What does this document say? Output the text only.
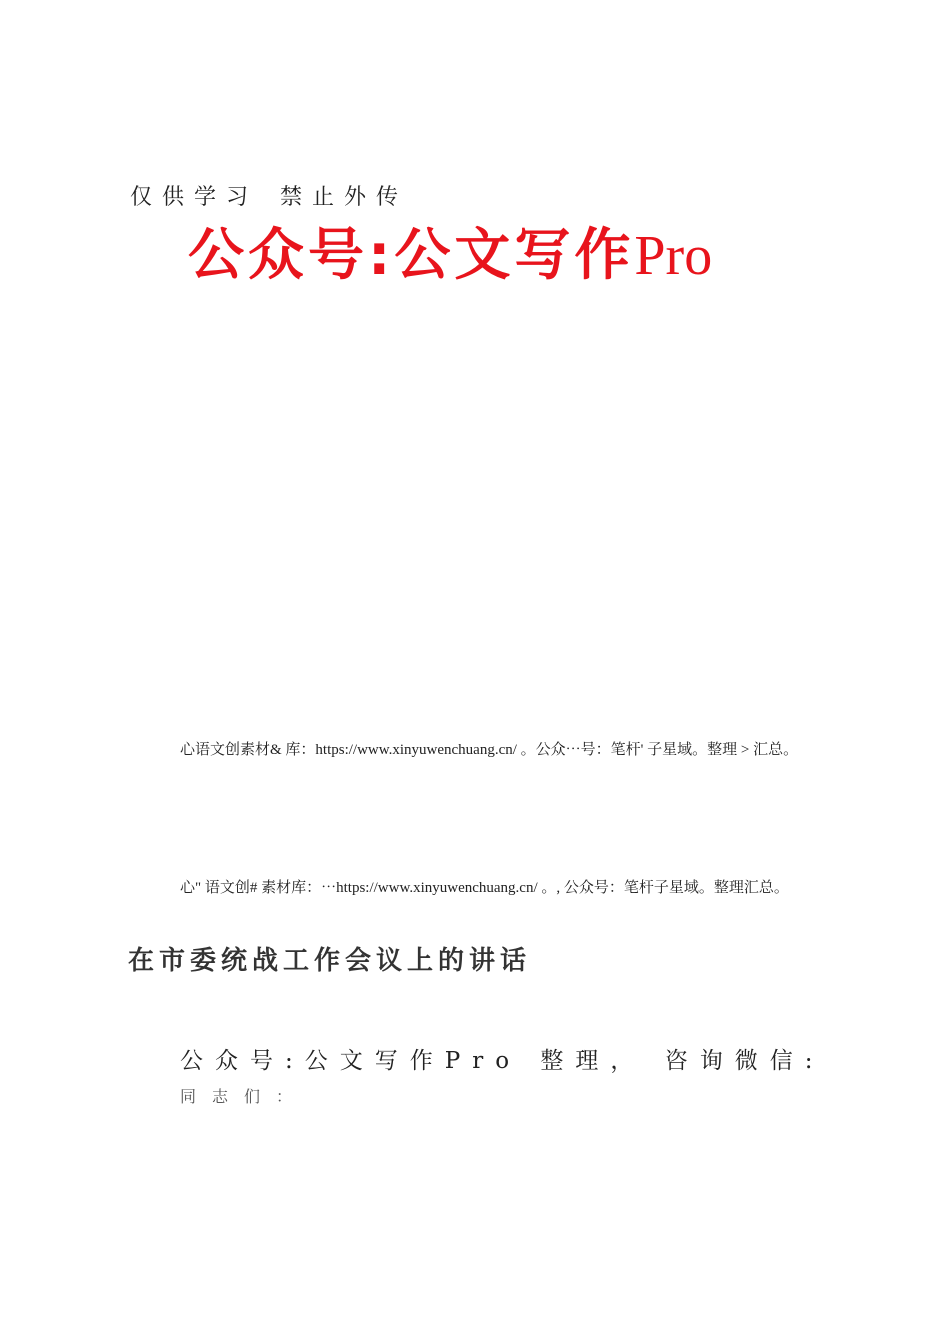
仅供学习 禁止外传
公众号:公文写作Pro

心语文创素材& 库：https://www.xinyuwenchuang.cn/ 。公众⋯号：笔杆' 子星域。整理 > 汇总。

心" 语文创# 素材库：⋯https://www.xinyuwenchuang.cn/ 。, 公众号：笔杆子星域。整理汇总。

在市委统战工作会议上的讲话
公众号:公文写作Pro 整理， 咨询微信:
同志们：
